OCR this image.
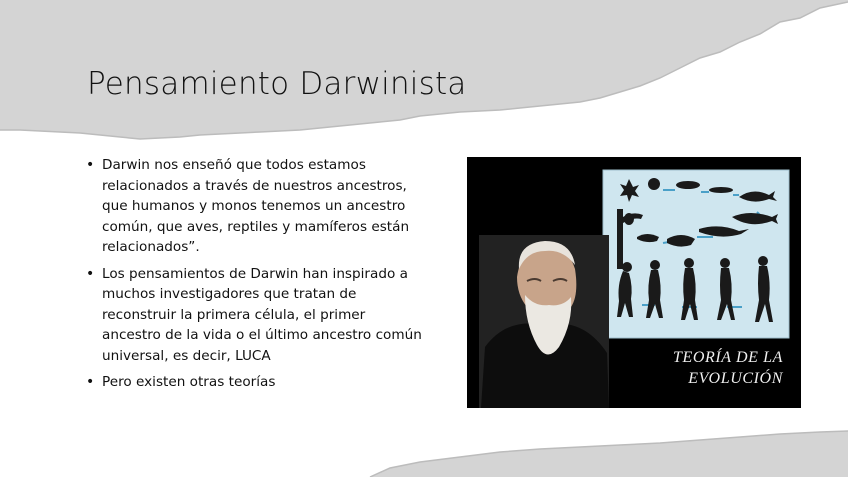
Pensamiento Darwinista
• Darwin nos enseñó que todos estamos relacionados a través de nuestros ancestros, que humanos y monos tenemos un ancestro común, que aves, reptiles y mamíferos están relacionados”.
• Los pensamientos de Darwin han inspirado a muchos investigadores que tratan de reconstruir la primera célula, el primer ancestro de la vida o el último ancestro común universal, es decir, LUCA
• Pero existen otras teorías
TEORÍA DE LA
EVOLUCIÓN
